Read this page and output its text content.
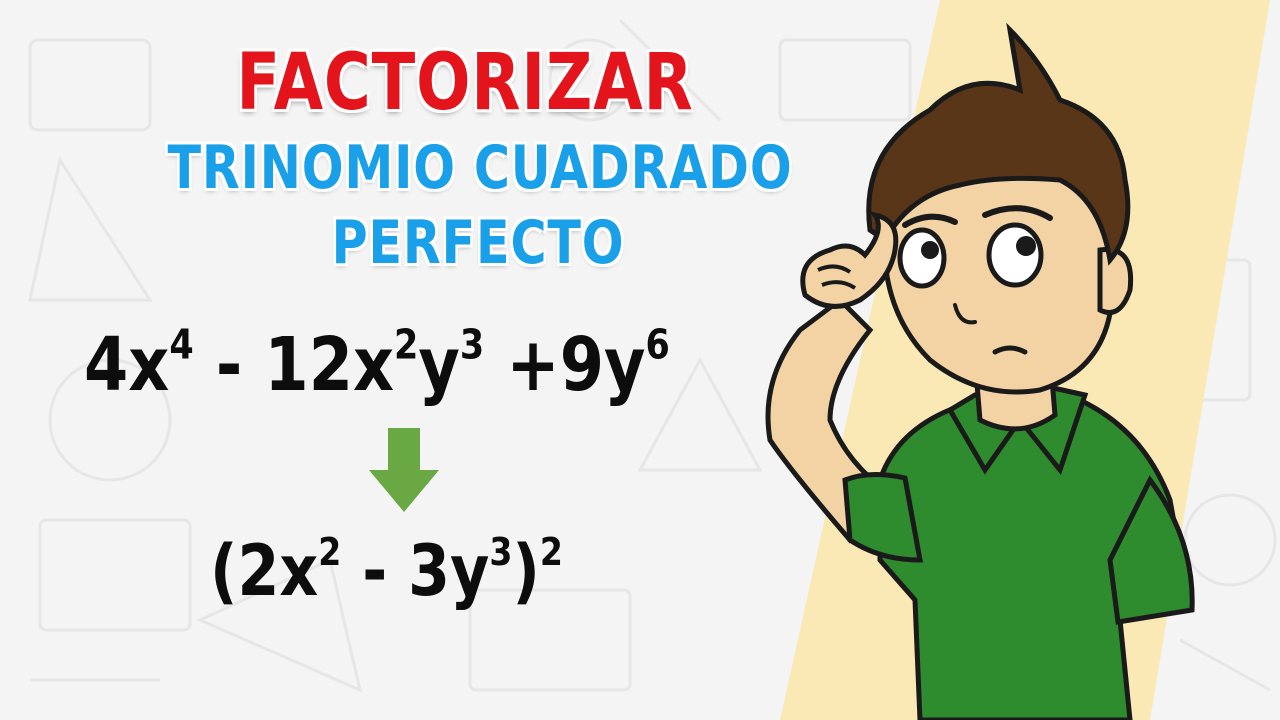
FACTORIZAR
TRINOMIO CUADRADO
PERFECTO
$4x^4 - 12x^2y^3 +9y^6$
$(2x^2 - 3y^3)^2$
